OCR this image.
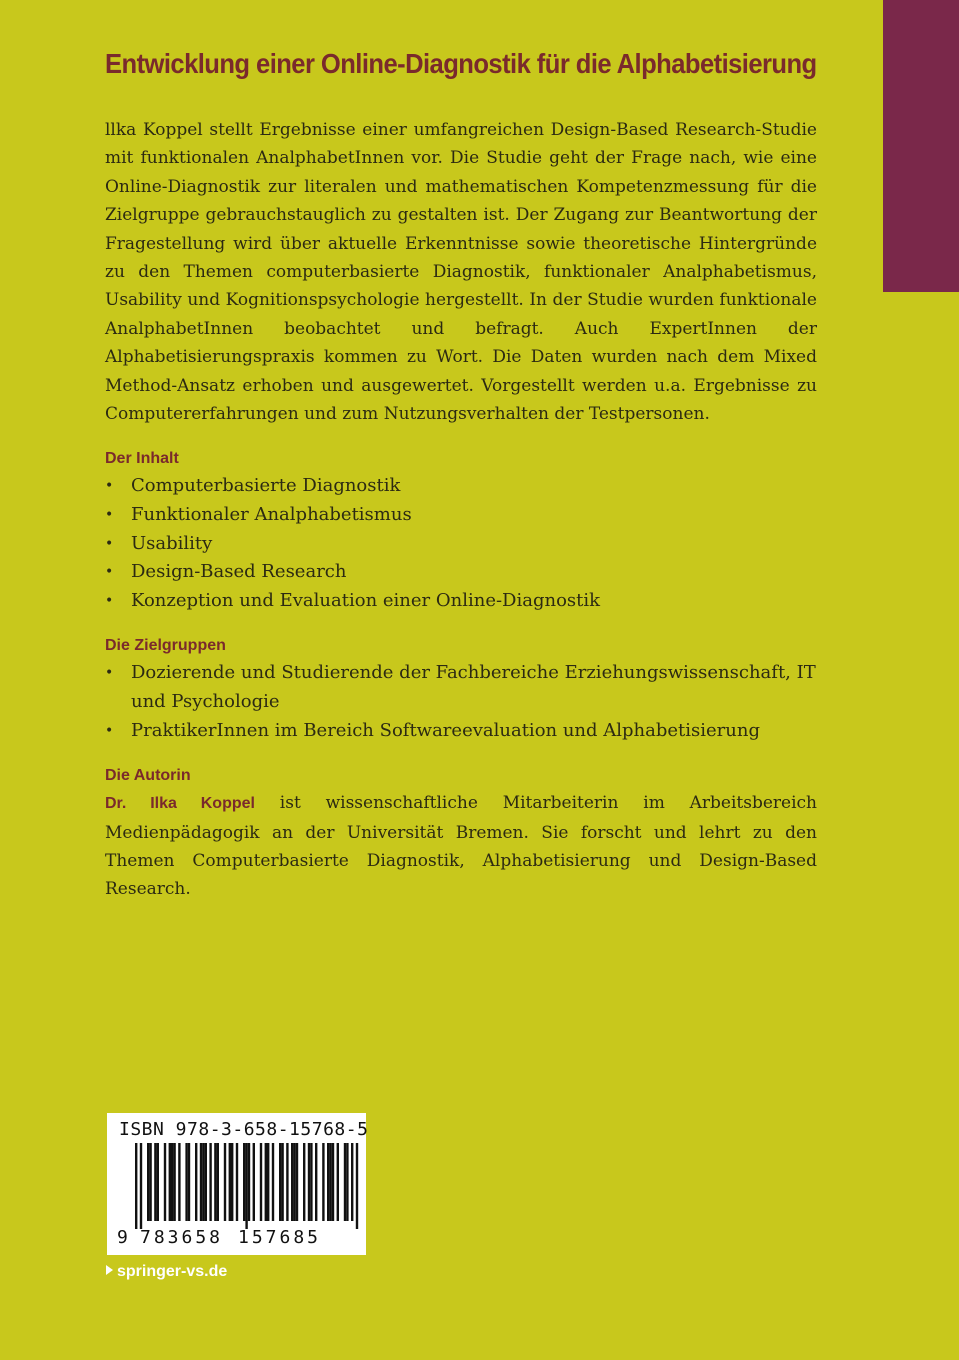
Entwicklung einer Online-Diagnostik für die Alphabetisierung

llka Koppel stellt Ergebnisse einer umfangreichen Design-Based Research-Studie mit funktionalen AnalphabetInnen vor. Die Studie geht der Frage nach, wie eine Online-Diagnostik zur literalen und mathematischen Kompetenzmessung für die Zielgruppe gebrauchstauglich zu gestalten ist. Der Zugang zur Beantwortung der Fragestellung wird über aktuelle Erkenntnisse sowie theoretische Hintergründe zu den Themen computerbasierte Diagnostik, funktionaler Analphabetismus, Usability und Kognitionspsychologie hergestellt. In der Studie wurden funktionale AnalphabetInnen beobachtet und befragt. Auch ExpertInnen der Alphabetisierungspraxis kommen zu Wort. Die Daten wurden nach dem Mixed Method-Ansatz erhoben und ausgewertet. Vorgestellt werden u.a. Ergebnisse zu Computererfahrungen und zum Nutzungsverhalten der Testpersonen.

Der Inhalt
• Computerbasierte Diagnostik
• Funktionaler Analphabetismus
• Usability
• Design-Based Research
• Konzeption und Evaluation einer Online-Diagnostik
Die Zielgruppen
• Dozierende und Studierende der Fachbereiche Erziehungswissenschaft, IT und Psychologie
• PraktikerInnen im Bereich Softwareevaluation und Alphabetisierung
Die Autorin

Dr. Ilka Koppel ist wissenschaftliche Mitarbeiterin im Arbeitsbereich Medienpädagogik an der Universität Bremen. Sie forscht und lehrt zu den Themen Computerbasierte Diagnostik, Alphabetisierung und Design-Based Research.

ISBN 978-3-658-15768-5
9 783658 157685
springer-vs.de
